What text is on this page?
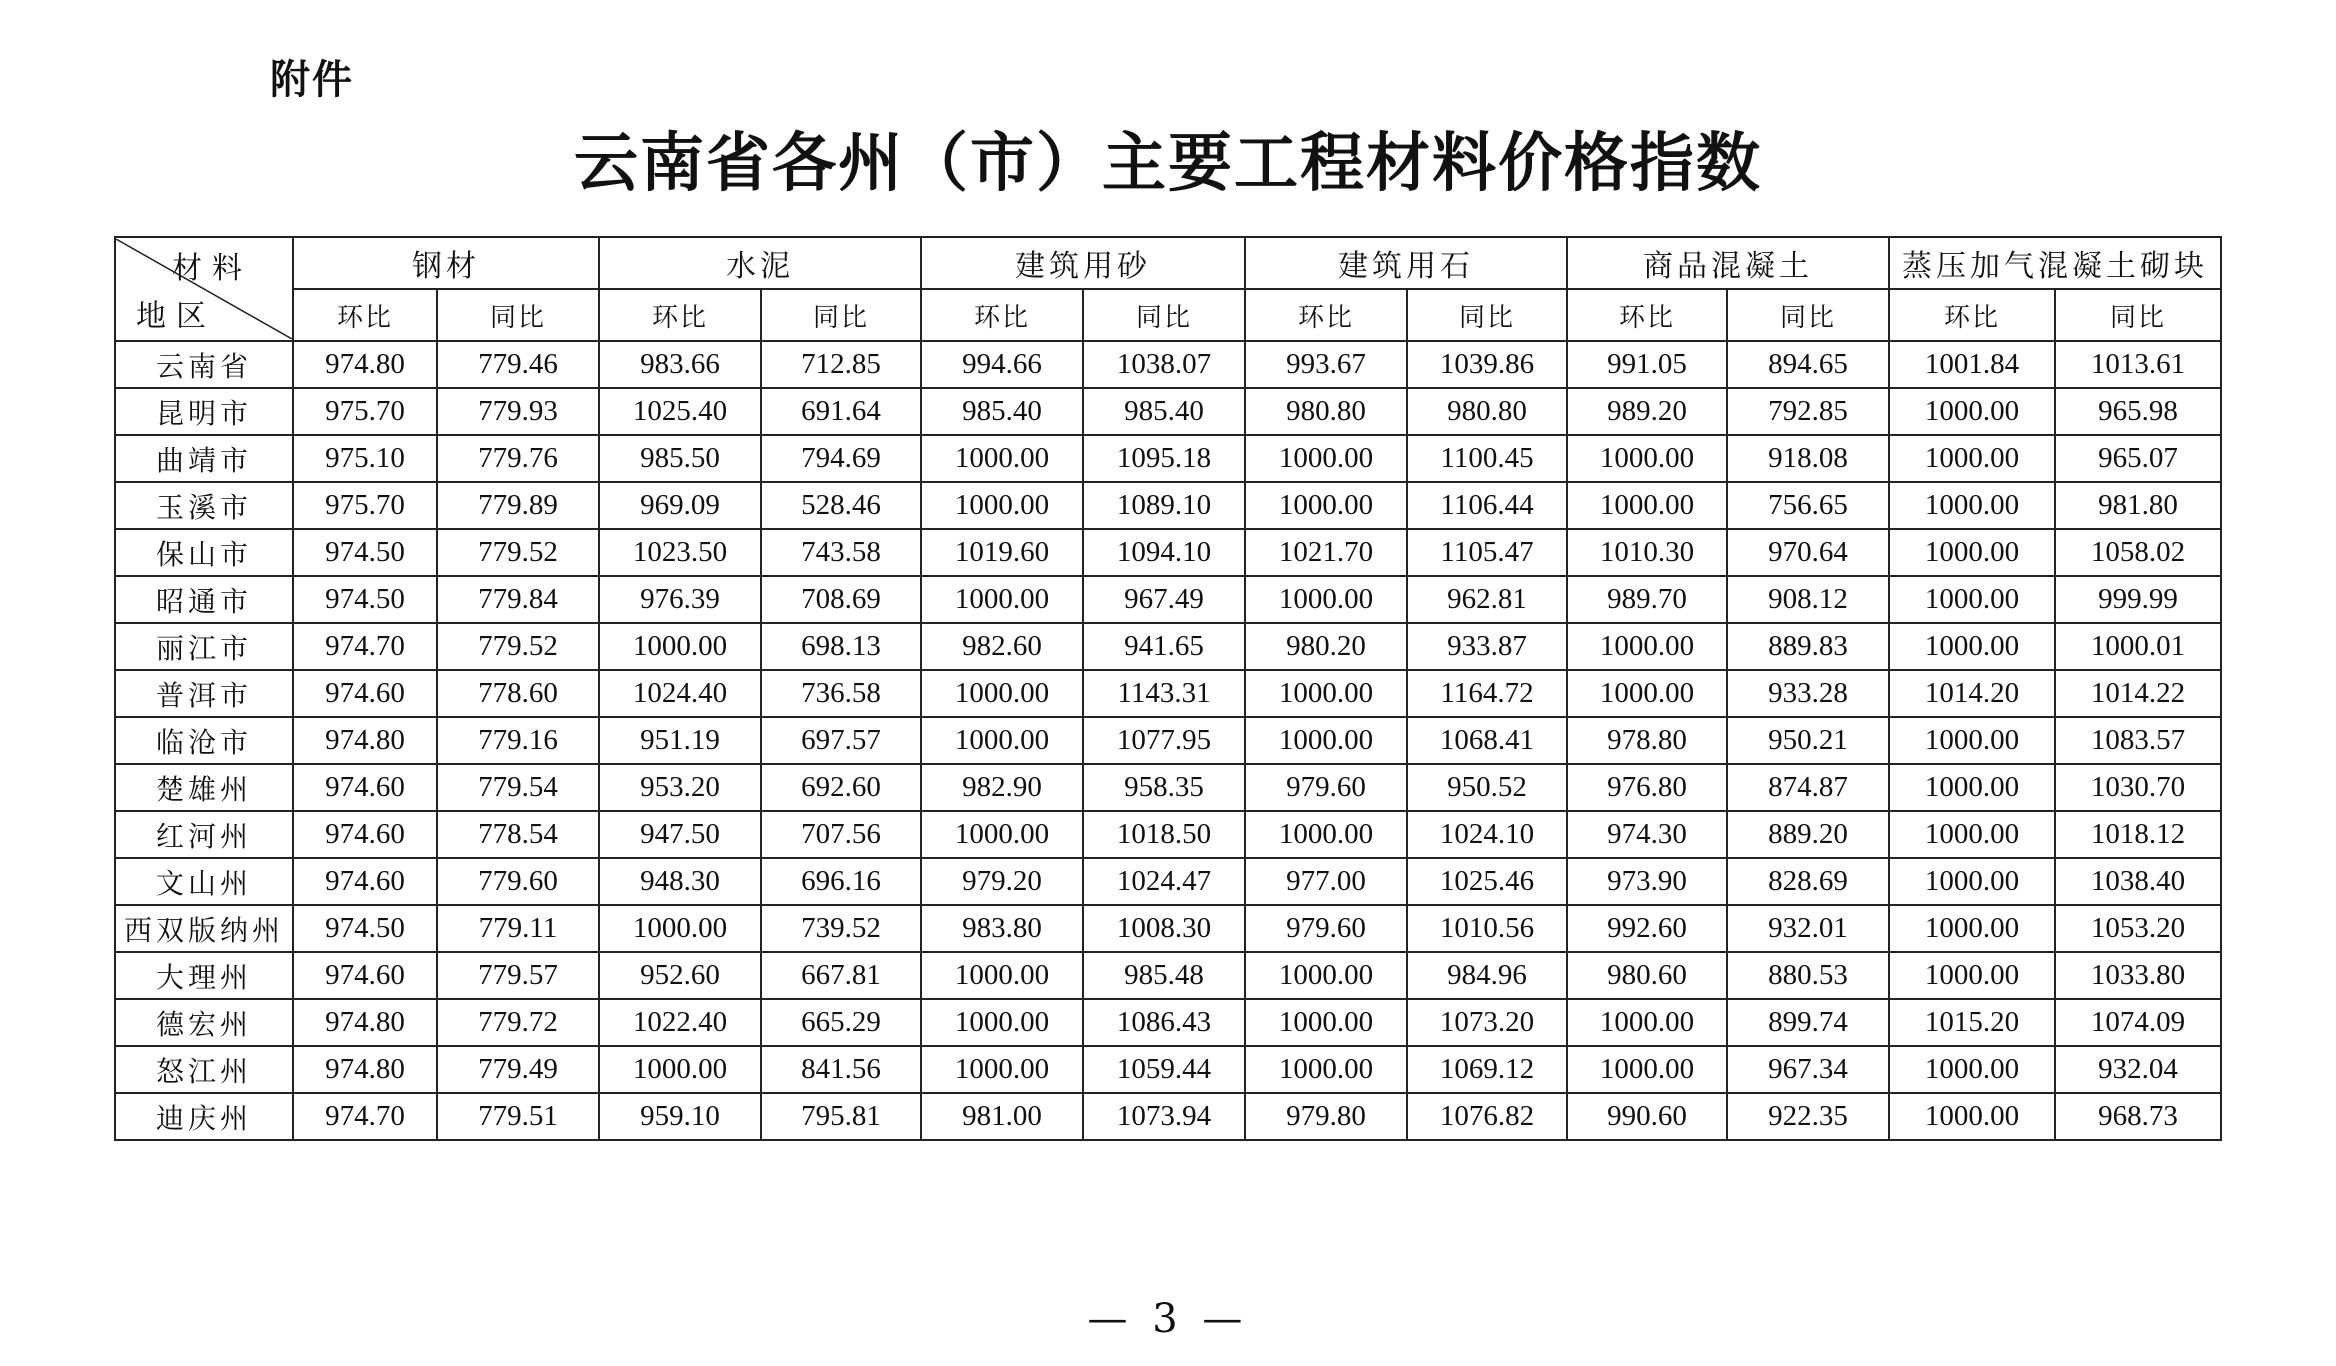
附件
云南省各州（市）主要工程材料价格指数
材料
地区	钢材		水泥		建筑用砂		建筑用石		商品混凝土		蒸压加气混凝土砌块	
	环比	同比	环比	同比	环比	同比	环比	同比	环比	同比	环比	同比
云南省	974.80	779.46	983.66	712.85	994.66	1038.07	993.67	1039.86	991.05	894.65	1001.84	1013.61
昆明市	975.70	779.93	1025.40	691.64	985.40	985.40	980.80	980.80	989.20	792.85	1000.00	965.98
曲靖市	975.10	779.76	985.50	794.69	1000.00	1095.18	1000.00	1100.45	1000.00	918.08	1000.00	965.07
玉溪市	975.70	779.89	969.09	528.46	1000.00	1089.10	1000.00	1106.44	1000.00	756.65	1000.00	981.80
保山市	974.50	779.52	1023.50	743.58	1019.60	1094.10	1021.70	1105.47	1010.30	970.64	1000.00	1058.02
昭通市	974.50	779.84	976.39	708.69	1000.00	967.49	1000.00	962.81	989.70	908.12	1000.00	999.99
丽江市	974.70	779.52	1000.00	698.13	982.60	941.65	980.20	933.87	1000.00	889.83	1000.00	1000.01
普洱市	974.60	778.60	1024.40	736.58	1000.00	1143.31	1000.00	1164.72	1000.00	933.28	1014.20	1014.22
临沧市	974.80	779.16	951.19	697.57	1000.00	1077.95	1000.00	1068.41	978.80	950.21	1000.00	1083.57
楚雄州	974.60	779.54	953.20	692.60	982.90	958.35	979.60	950.52	976.80	874.87	1000.00	1030.70
红河州	974.60	778.54	947.50	707.56	1000.00	1018.50	1000.00	1024.10	974.30	889.20	1000.00	1018.12
文山州	974.60	779.60	948.30	696.16	979.20	1024.47	977.00	1025.46	973.90	828.69	1000.00	1038.40
西双版纳州	974.50	779.11	1000.00	739.52	983.80	1008.30	979.60	1010.56	992.60	932.01	1000.00	1053.20
大理州	974.60	779.57	952.60	667.81	1000.00	985.48	1000.00	984.96	980.60	880.53	1000.00	1033.80
德宏州	974.80	779.72	1022.40	665.29	1000.00	1086.43	1000.00	1073.20	1000.00	899.74	1015.20	1074.09
怒江州	974.80	779.49	1000.00	841.56	1000.00	1059.44	1000.00	1069.12	1000.00	967.34	1000.00	932.04
迪庆州	974.70	779.51	959.10	795.81	981.00	1073.94	979.80	1076.82	990.60	922.35	1000.00	968.73
— 3 —
